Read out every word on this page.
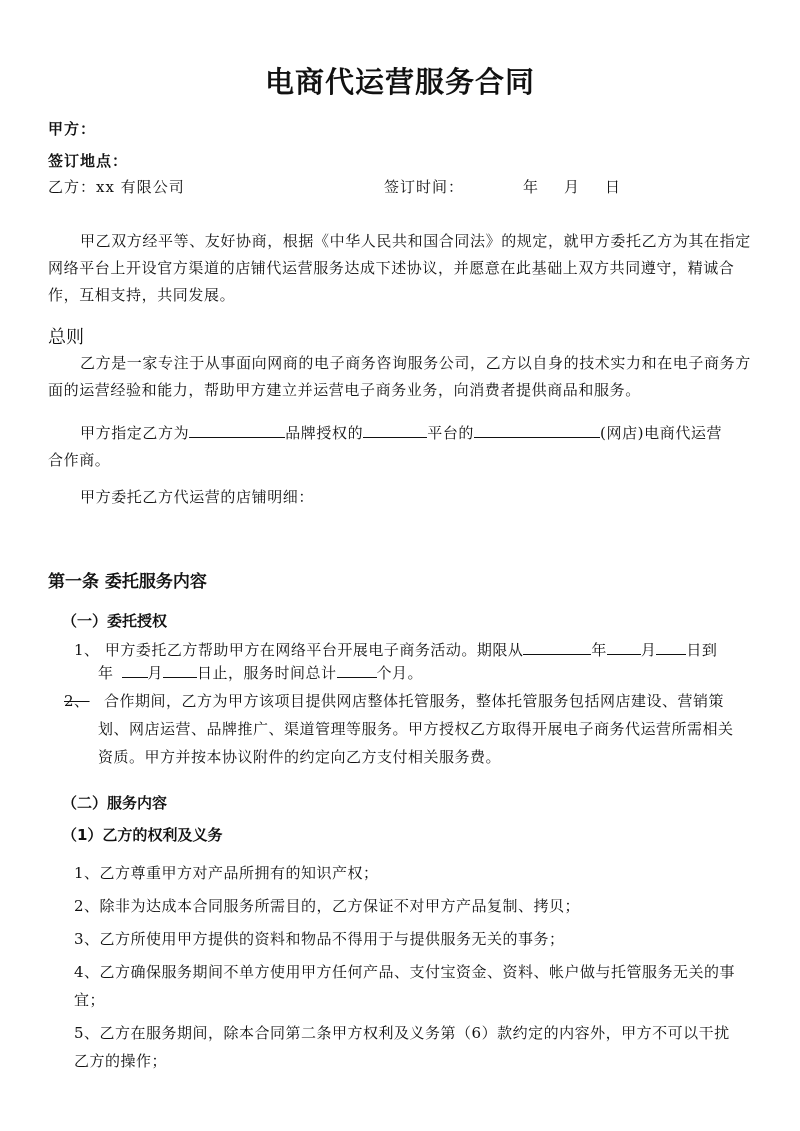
电商代运营服务合同
甲方：
签订地点：
乙方：xx 有限公司	签订时间：	年 月 日
甲乙双方经平等、友好协商，根据《中华人民共和国合同法》的规定，就甲方委托乙方为其在指定网络平台上开设官方渠道的店铺代运营服务达成下述协议，并愿意在此基础上双方共同遵守，精诚合作，互相支持，共同发展。
总则
乙方是一家专注于从事面向网商的电子商务咨询服务公司，乙方以自身的技术实力和在电子商务方面的运营经验和能力，帮助甲方建立并运营电子商务业务，向消费者提供商品和服务。
甲方指定乙方为	品牌授权的	平台的	(网店)电商代运营
合作商。
甲方委托乙方代运营的店铺明细：
第一条 委托服务内容
（一）委托授权
1、 甲方委托乙方帮助甲方在网络平台开展电子商务活动。期限从	年 月 日到
年 月 日止，服务时间总计	个月。
2、 合作期间，乙方为甲方该项目提供网店整体托管服务，整体托管服务包括网店建设、营销策
划、网店运营、品牌推广、渠道管理等服务。甲方授权乙方取得开展电子商务代运营所需相关
资质。甲方并按本协议附件的约定向乙方支付相关服务费。
（二）服务内容
（1）乙方的权利及义务
1、乙方尊重甲方对产品所拥有的知识产权；
2、除非为达成本合同服务所需目的，乙方保证不对甲方产品复制、拷贝；
3、乙方所使用甲方提供的资料和物品不得用于与提供服务无关的事务；
4、乙方确保服务期间不单方使用甲方任何产品、支付宝资金、资料、帐户做与托管服务无关的事
宜；
5、乙方在服务期间，除本合同第二条甲方权利及义务第（6）款约定的内容外，甲方不可以干扰
乙方的操作；
